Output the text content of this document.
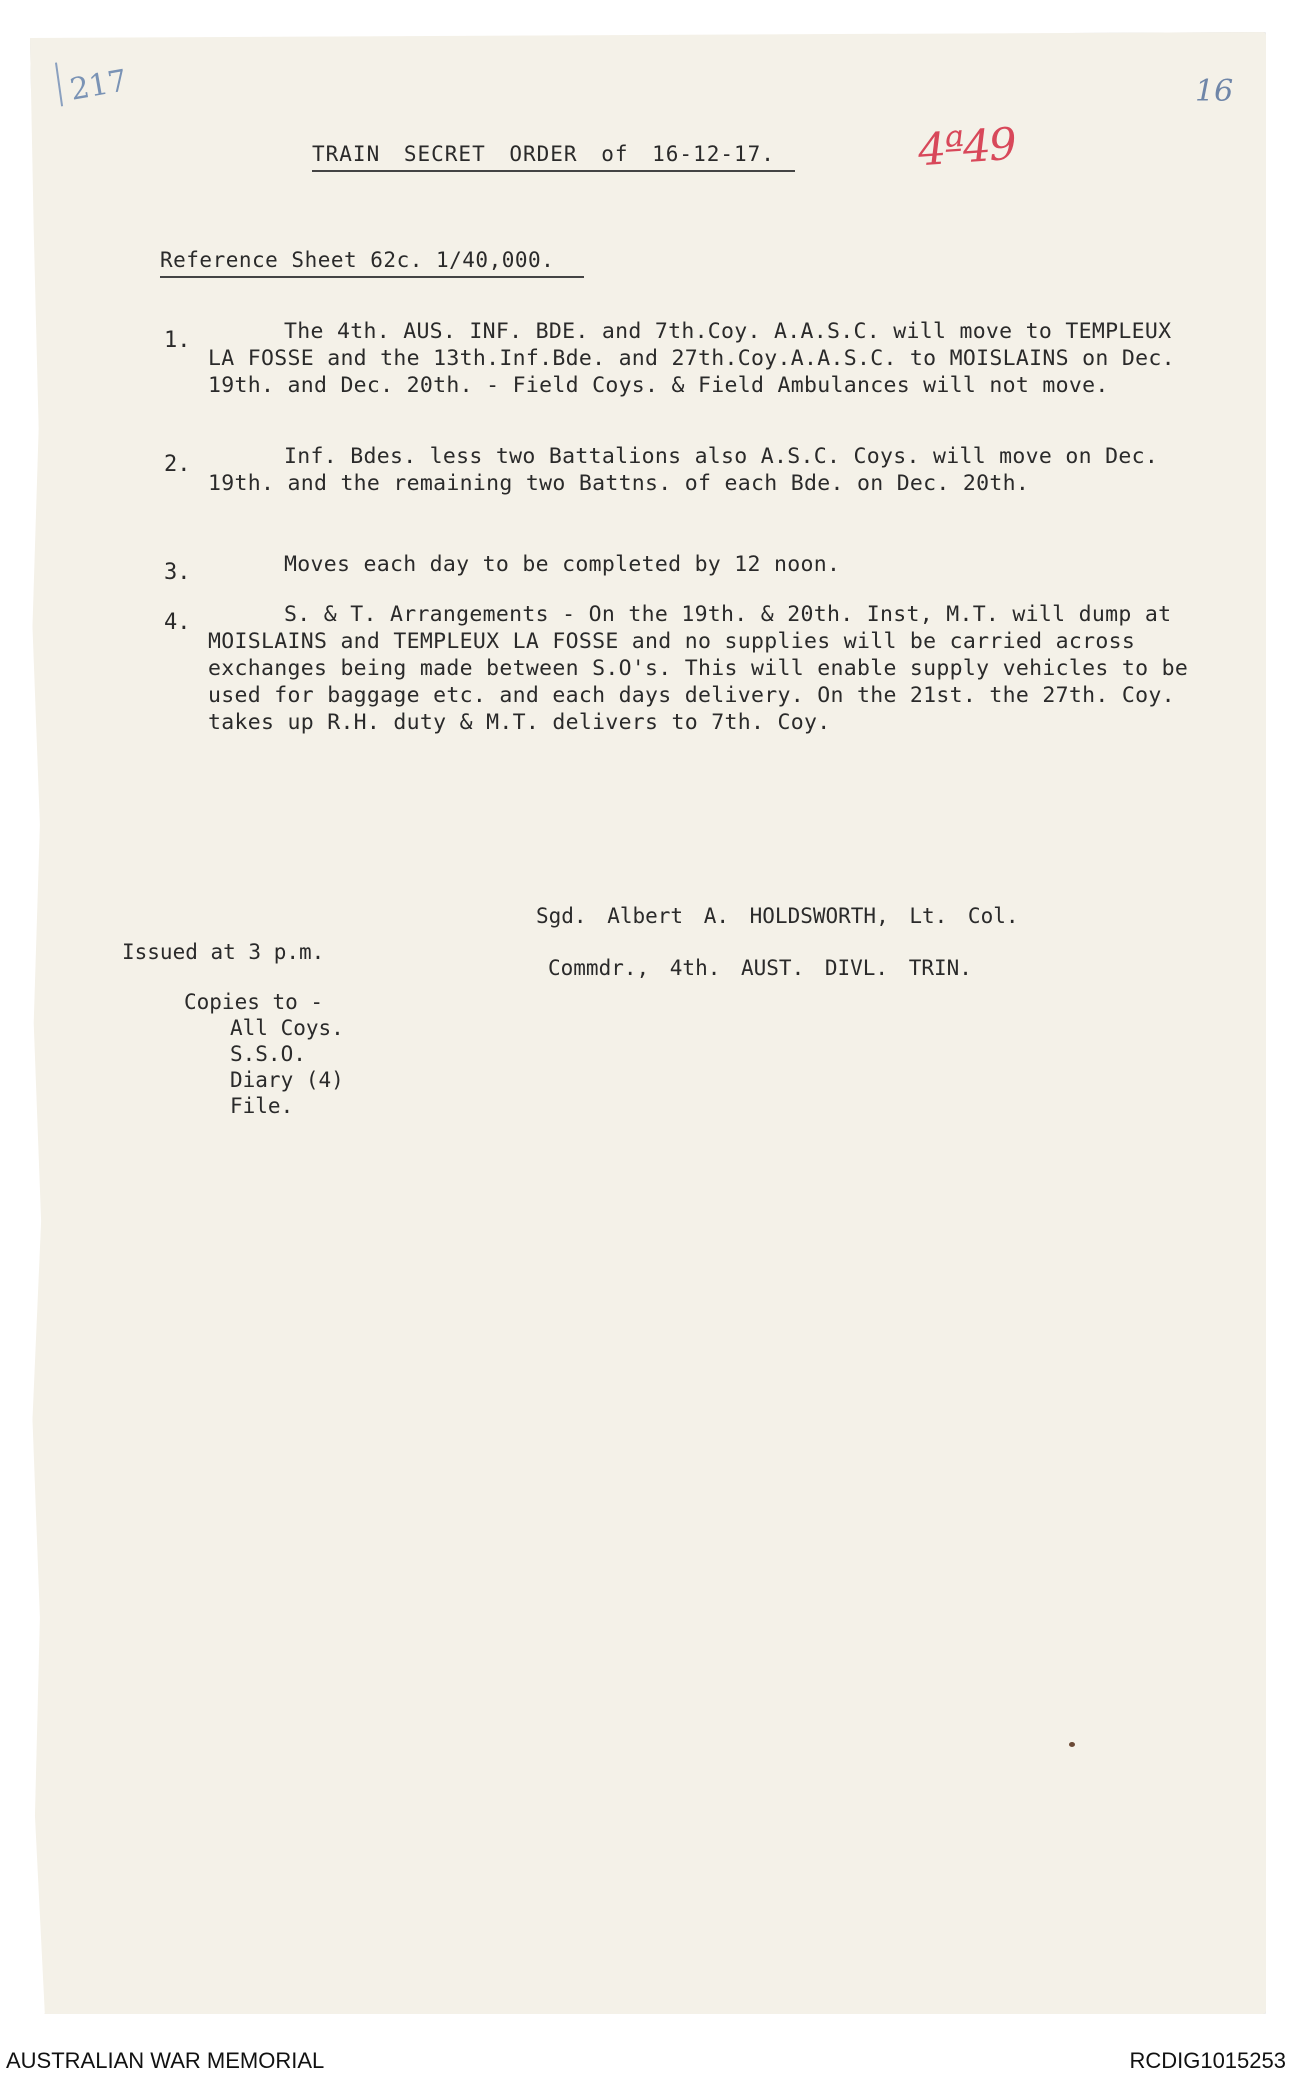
217	16
4ª49
TRAIN SECRET ORDER of 16-12-17.
Reference Sheet 62c. 1/40,000.
1.	The 4th. AUS. INF. BDE. and 7th.Coy. A.A.S.C. will move to TEMPLEUX LA FOSSE and the 13th.Inf.Bde. and 27th.Coy.A.A.S.C. to MOISLAINS on Dec. 19th. and Dec. 20th. - Field Coys. & Field Ambulances will not move.
2.	Inf. Bdes. less two Battalions also A.S.C. Coys. will move on Dec. 19th. and the remaining two Battns. of each Bde. on Dec. 20th.
3.	Moves each day to be completed by 12 noon.
4.	S. & T. Arrangements - On the 19th. & 20th. Inst, M.T. will dump at MOISLAINS and TEMPLEUX LA FOSSE and no supplies will be carried across exchanges being made between S.O's. This will enable supply vehicles to be used for baggage etc. and each days delivery. On the 21st. the 27th. Coy. takes up R.H. duty & M.T. delivers to 7th. Coy.
Sgd. Albert A. HOLDSWORTH, Lt. Col.
Commdr., 4th. AUST. DIVL. TRIN.
Issued at 3 p.m.
Copies to -
All Coys.
S.S.O.
Diary (4)
File.
AUSTRALIAN WAR MEMORIAL	RCDIG1015253
